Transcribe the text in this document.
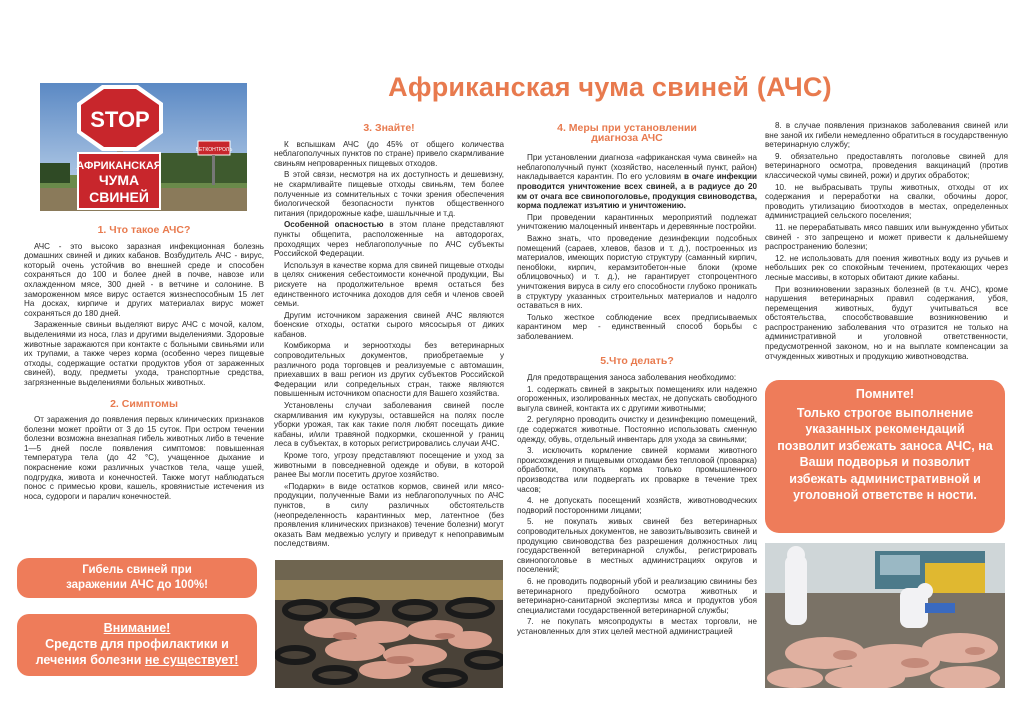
Африканская чума свиней (АЧС)
STOP
АФРИКАНСКАЯ
ЧУМА
СВИНЕЙ
ВЕТКОНТРОЛЬ
1. Что такое АЧС?

АЧС - это высоко заразная инфекционная болезнь домашних свиней и диких кабанов. Возбудитель АЧС - вирус, который очень устойчив во внешней среде и способен сохраняться до 100 и более дней в почве, навозе или охлажденном мясе, 300 дней - в ветчине и солонине. В замороженном мясе вирус остается жизнеспособным 15 лет На досках, кирпиче и других материалах вирус может сохраняться до 180 дней.

Зараженные свиньи выделяют вирус АЧС с мочой, калом, выделениями из носа, глаз и другими выделениями. Здоровые животные заражаются при контакте с больными свиньями или их трупами, а также через корма (особенно через пищевые отходы, содержащие остатки продуктов убоя от зараженных свиней), воду, предметы ухода, транспортные средства, загрязненные выделениями больных животных.

2. Симптомы

От заражения до появления первых клинических признаков болезни может пройти от 3 до 15 суток. При остром течении болезни возможна внезапная гибель животных либо в течение 1—5 дней после появления симптомов: повышенная температура тела (до 42 °С), учащенное дыхание и покраснение кожи различных участков тела, чаще ушей, подгрудка, живота и конечностей. Также могут наблюдаться понос с примесью крови, кашель, кровянистые истечения из носа, судороги и паралич конечностей.

Гибель свиней при заражении АЧС до 100%!
Внимание!
Средств для профилактики и лечения болезни не существует!
3. Знайте!

К вспышкам АЧС (до 45% от общего количества неблагополучных пунктов по стране) привело скармливание свиньям непроваренных пищевых отходов.

В этой связи, несмотря на их доступность и дешевизну, не скармливайте пищевые отходы свиньям, тем более полученные из сомнительных с точки зрения обеспечения биологической безопасности пунктов общественного питания (придорожные кафе, шашлычные и т.д.

Особенной опасностью в этом плане представляют пункты общепита, расположенные на автодорогах, проходящих через неблагополучные по АЧС субъекты Российской Федерации.

Используя в качестве корма для свиней пищевые отходы в целях снижения себестоимости конечной продукции, Вы рискуете на продолжительное время остаться без единственного источника доходов для себя и членов своей семьи.

Другим источником заражения свиней АЧС являются боенские отходы, остатки сырого мясосырья от диких кабанов.

Комбикорма и зерноотходы без ветеринарных сопроводительных документов, приобретаемые у различного рода торговцев и реализуемые с автомашин, приехавших в ваш регион из других субъектов Российской Федерации или сопредельных стран, также являются повышенным источником опасности для Вашего хозяйства.

Установлены случаи заболевания свиней после скармливания им кукурузы, оставшейся на полях после уборки урожая, так как такие поля любят посещать дикие кабаны, и/или травяной подкормки, скошенной у границ леса в субъектах, в которых регистрировались случаи АЧС.

Кроме того, угрозу представляют посещение и уход за животными в повседневной одежде и обуви, в которой ранее Вы могли посетить другое хозяйство.

«Подарки» в виде остатков кормов, свиней или мясо-продукции, полученные Вами из неблагополучных по АЧС пунктов, в силу различных обстоятельств (неопределенность карантинных мер, латентное (без проявления клинических признаков) течение болезни) могут оказать Вам медвежью услугу и приведут к непоправимым последствиям.

4. Меры при установлении диагноза АЧС

При установлении диагноза «африканская чума свиней» на неблагополучный пункт (хозяйство, населенный пункт, район) накладывается карантин. По его условиям в очаге инфекции проводится уничтожение всех свиней, а в радиусе до 20 км от очага все свинопоголовье, продукция свиноводства, корма подлежат изъятию и уничтожению.

При проведении карантинных мероприятий подлежат уничтожению малоценный инвентарь и деревянные постройки.

Важно знать, что проведение дезинфекции подсобных помещений (сараев, хлевов, базов и т. д.), построенных из материалов, имеющих пористую структуру (саманный кирпич, пенобloки, кирпич, керамзитобетон-ные блоки (кроме облицовочных) и т. д.), не гарантирует стопроцентного уничтожения вируса в силу его способности глубоко проникать в структуру указанных строительных материалов и надолго оставаться в них.

Только жесткое соблюдение всех предписываемых карантином мер - единственный способ борьбы с заболеванием.

5.Что делать?

Для предотвращения заноса заболевания необходимо:

1. содержать свиней в закрытых помещениях или надежно огороженных, изолированных местах, не допускать свободного выгула свиней, контакта их с другими животными;

2. регулярно проводить очистку и дезинфекцию помещений, где содержатся животные. Постоянно использовать сменную одежду, обувь, отдельный инвентарь для ухода за свиньями;

3. исключить кормление свиней кормами животного происхождения и пищевыми отходами без тепловой (проварка) обработки, покупать корма только промышленного производства или подвергать их проварке в течение трех часов;

4. не допускать посещений хозяйств, животноводческих подворий посторонними лицами;

5. не покупать живых свиней без ветеринарных сопроводительных документов, не завозить/вывозить свиней и продукцию свиноводства без разрешения должностных лиц государственной ветеринарной службы, регистрировать свинопоголовье в местных администрациях округов и поселений;

6. не проводить подворный убой и реализацию свинины без ветеринарного предубойного осмотра животных и ветеринарно-санитарной экспертизы мяса и продуктов убоя специалистами государственной ветеринарной службы;

7. не покупать мясопродукты в местах торговли, не установленных для этих целей местной администрацией

8. в случае появления признаков заболевания свиней или вне заной их гибели немедленно обратиться в государственную ветеринарную службу;

9. обязательно предоставлять поголовье свиней для ветеринарного осмотра, проведения вакцинаций (против классической чумы свиней, рожи) и других обработок;

10. не выбрасывать трупы животных, отходы от их содержания и переработки на свалки, обочины дорог, проводить утилизацию биоотходов в местах, определенных администрацией сельского поселения;

11. не перерабатывать мясо павших или вынужденно убитых свиней - это запрещено и может привести к дальнейшему распространению болезни;

12. не использовать для поения животных воду из ручьев и небольших рек со спокойным течением, протекающих через лесные массивы, в которых обитают дикие кабаны.

При возникновении заразных болезней (в т.ч. АЧС), кроме нарушения ветеринарных правил содержания, убоя, перемещения животных, будут учитываться все обстоятельства, способствовавшие возникновению и распространению заболевания что отразится не только на административной и уголовной ответственности, предусмотренной законом, но и на выплате компенсации за отчужденных животных и продукцию животноводства.

Помните!
Только строгое выполнение указанных рекомендаций позволит избежать заноса АЧС, на Ваши подворья и позволит избежать административной и уголовной ответстве н ности.
